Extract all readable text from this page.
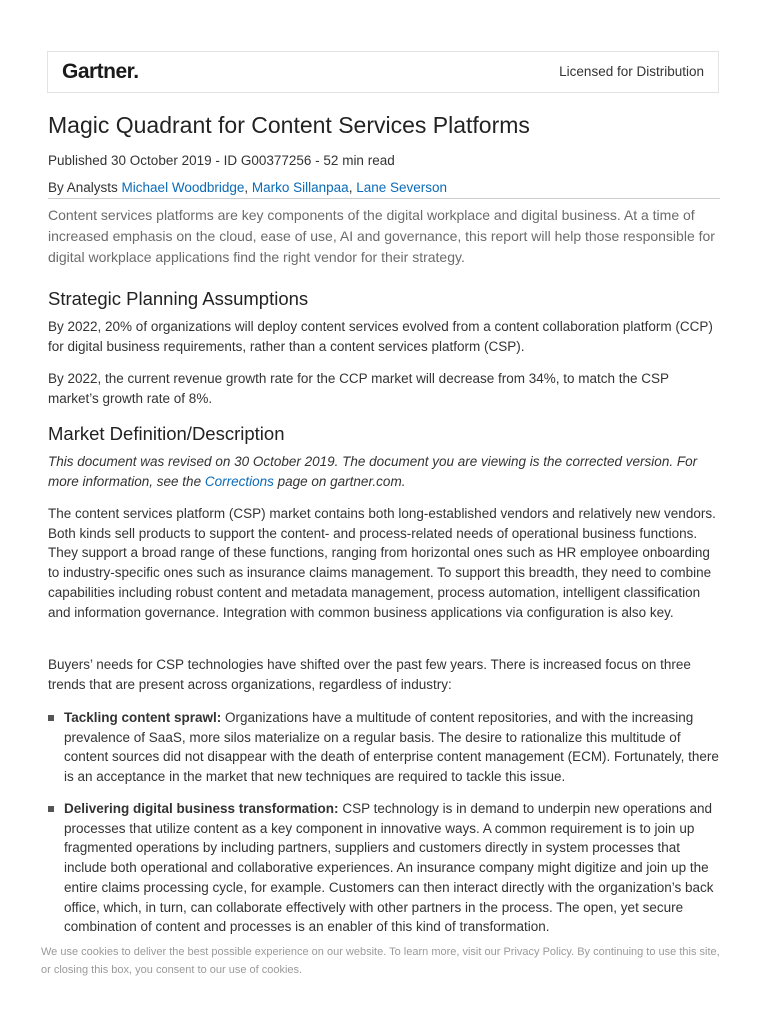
Gartner.	Licensed for Distribution
Magic Quadrant for Content Services Platforms
Published 30 October 2019 - ID G00377256 - 52 min read
By Analysts Michael Woodbridge, Marko Sillanpaa, Lane Severson

Content services platforms are key components of the digital workplace and digital business. At a time of increased emphasis on the cloud, ease of use, AI and governance, this report will help those responsible for digital workplace applications find the right vendor for their strategy.

Strategic Planning Assumptions

By 2022, 20% of organizations will deploy content services evolved from a content collaboration platform (CCP) for digital business requirements, rather than a content services platform (CSP).

By 2022, the current revenue growth rate for the CCP market will decrease from 34%, to match the CSP market’s growth rate of 8%.

Market Definition/Description

This document was revised on 30 October 2019. The document you are viewing is the corrected version. For more information, see the Corrections page on gartner.com.

The content services platform (CSP) market contains both long-established vendors and relatively new vendors. Both kinds sell products to support the content- and process-related needs of operational business functions. They support a broad range of these functions, ranging from horizontal ones such as HR employee onboarding to industry-specific ones such as insurance claims management. To support this breadth, they need to combine capabilities including robust content and metadata management, process automation, intelligent classification and information governance. Integration with common business applications via configuration is also key.

Buyers’ needs for CSP technologies have shifted over the past few years. There is increased focus on three trends that are present across organizations, regardless of industry:

Tackling content sprawl: Organizations have a multitude of content repositories, and with the increasing prevalence of SaaS, more silos materialize on a regular basis. The desire to rationalize this multitude of content sources did not disappear with the death of enterprise content management (ECM). Fortunately, there is an acceptance in the market that new techniques are required to tackle this issue.

Delivering digital business transformation: CSP technology is in demand to underpin new operations and processes that utilize content as a key component in innovative ways. A common requirement is to join up fragmented operations by including partners, suppliers and customers directly in system processes that include both operational and collaborative experiences. An insurance company might digitize and join up the entire claims processing cycle, for example. Customers can then interact directly with the organization’s back office, which, in turn, can collaborate effectively with other partners in the process. The open, yet secure combination of content and processes is an enabler of this kind of transformation.

We use cookies to deliver the best possible experience on our website. To learn more, visit our Privacy Policy. By continuing to use this site, or closing this box, you consent to our use of cookies.
